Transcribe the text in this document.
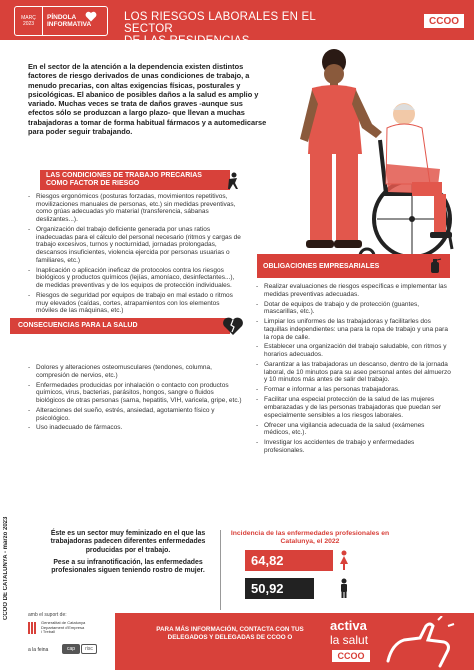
MARÇ 2023
PÍNDOLA
INFORMATIVA
LOS RIESGOS LABORALES EN EL SECTOR
DE LAS RESIDENCIAS
CCOO
En el sector de la atención a la dependencia existen distintos factores de riesgo derivados de unas condiciones de trabajo, a menudo precarias, con altas exigencias físicas, posturales y psicológicas. El abanico de posibles daños a la salud es amplio y variado. Muchas veces se trata de daños graves -aunque sus efectos sólo se produzcan a largo plazo- que llevan a muchas trabajadoras a tomar de forma habitual fármacos y a automedicarse para poder seguir trabajando.
LAS CONDICIONES DE TRABAJO PRECARIAS
COMO FACTOR DE RIESGO
- Riesgos ergonómicos (posturas forzadas, movimientos repetitivos, movilizaciones manuales de personas, etc.) sin medidas preventivas, como grúas adecuadas y/o material (transferencia, sábanas deslizantes...).
- Organización del trabajo deficiente generada por unas ratios inadecuadas para el cálculo del personal necesario (ritmos y cargas de trabajo excesivos, turnos y nocturnidad, jornadas prolongadas, descansos insuficientes, violencia ejercida por personas usuarias o familiares, etc.)
- Inaplicación o aplicación ineficaz de protocolos contra los riesgos biológicos y productos químicos (lejías, amoníaco, desinfectantes...), de medidas preventivas y de los equipos de protección individuales.
- Riesgos de seguridad por equipos de trabajo en mal estado o ritmos muy elevados (caídas, cortes, atrapamientos con los elementos móviles de las máquinas, etc.)
CONSECUENCIAS PARA LA SALUD
- Dolores y alteraciones osteomusculares (tendones, columna, compresión de nervios, etc.)
- Enfermedades producidas por inhalación o contacto con productos químicos, virus, bacterias, parásitos, hongos, sangre o fluidos biológicos de otras personas (sarna, hepatitis, VIH, varicela, gripe, etc.)
- Alteraciones del sueño, estrés, ansiedad, agotamiento físico y psicológico.
- Uso inadecuado de fármacos.
OBLIGACIONES EMPRESARIALES
- Realizar evaluaciones de riesgos específicas e implementar las medidas preventivas adecuadas.
- Dotar de equipos de trabajo y de protección (guantes, mascarillas, etc.).
- Limpiar los uniformes de las trabajadoras y facilitarles dos taquillas independientes: una para la ropa de trabajo y una para la ropa de calle.
- Establecer una organización del trabajo saludable, con ritmos y horarios adecuados.
- Garantizar a las trabajadoras un descanso, dentro de la jornada laboral, de 10 minutos para su aseo personal antes del almuerzo y 10 minutos más antes de salir del trabajo.
- Formar e informar a las personas trabajadoras.
- Facilitar una especial protección de la salud de las mujeres embarazadas y de las personas trabajadoras que puedan ser especialmente sensibles a los riesgos laborales.
- Ofrecer una vigilancia adecuada de la salud (exámenes médicos, etc.).
- Investigar los accidentes de trabajo y enfermedades profesionales.
CCOO DE CATALUNYA - marzo 2023	Éste es un sector muy feminizado en el que las trabajadoras padecen diferentes enfermedades producidas por el trabajo.

Pese a su infranotificación, las enfermedades profesionales siguen teniendo rostro de mujer.

Incidencia de las enfermedades profesionales en Catalunya, el 2022
64,82
50,92
amb el suport de:
Generalitat de Catalunya
Departament d'Empresa
i Treball
a la feina	cap	risc
PARA MÁS INFORMACIÓN, CONTACTA CON TUS
DELEGADOS Y DELEGADAS DE CCOO O
activa
la salut
CCOO
